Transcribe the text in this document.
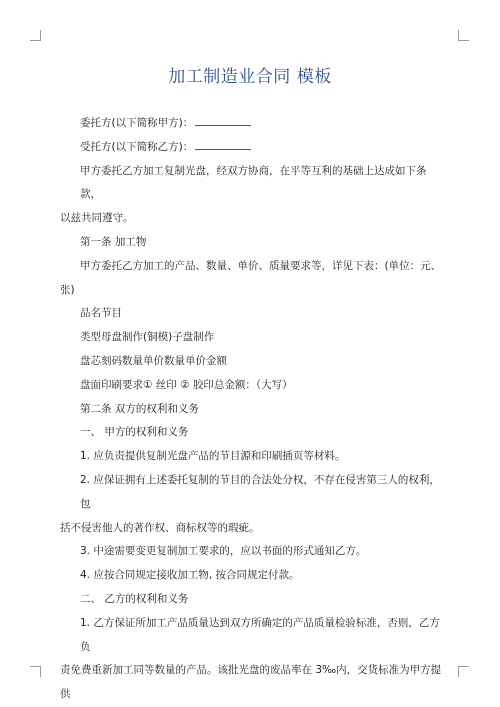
加工制造业合同 模板

委托方(以下简称甲方)：

受托方(以下简称乙方)：

甲方委托乙方加工复制光盘，经双方协商，在平等互利的基础上达成如下条款，

以兹共同遵守。

第一条 加工物

甲方委托乙方加工的产品、数量、单价、质量要求等，详见下表：(单位：元、

张)

品名节目

类型母盘制作(铜模)子盘制作

盘芯刻码数量单价数量单价金额

盘面印刷要求① 丝印 ② 胶印总金额：（大写）

第二条 双方的权利和义务

一、 甲方的权利和义务

1. 应负责提供复制光盘产品的节目源和印刷插页等材料。

2. 应保证拥有上述委托复制的节目的合法处分权，不存在侵害第三人的权利，包

括不侵害他人的著作权、商标权等的瑕疵。

3. 中途需要变更复制加工要求的，应以书面的形式通知乙方。

4. 应按合同规定接收加工物, 按合同规定付款。

二、 乙方的权利和义务

1. 乙方保证所加工产品质量达到双方所确定的产品质量检验标准，否则，乙方负

责免费重新加工同等数量的产品。该批光盘的废品率在 3‰内，交货标准为甲方提供
